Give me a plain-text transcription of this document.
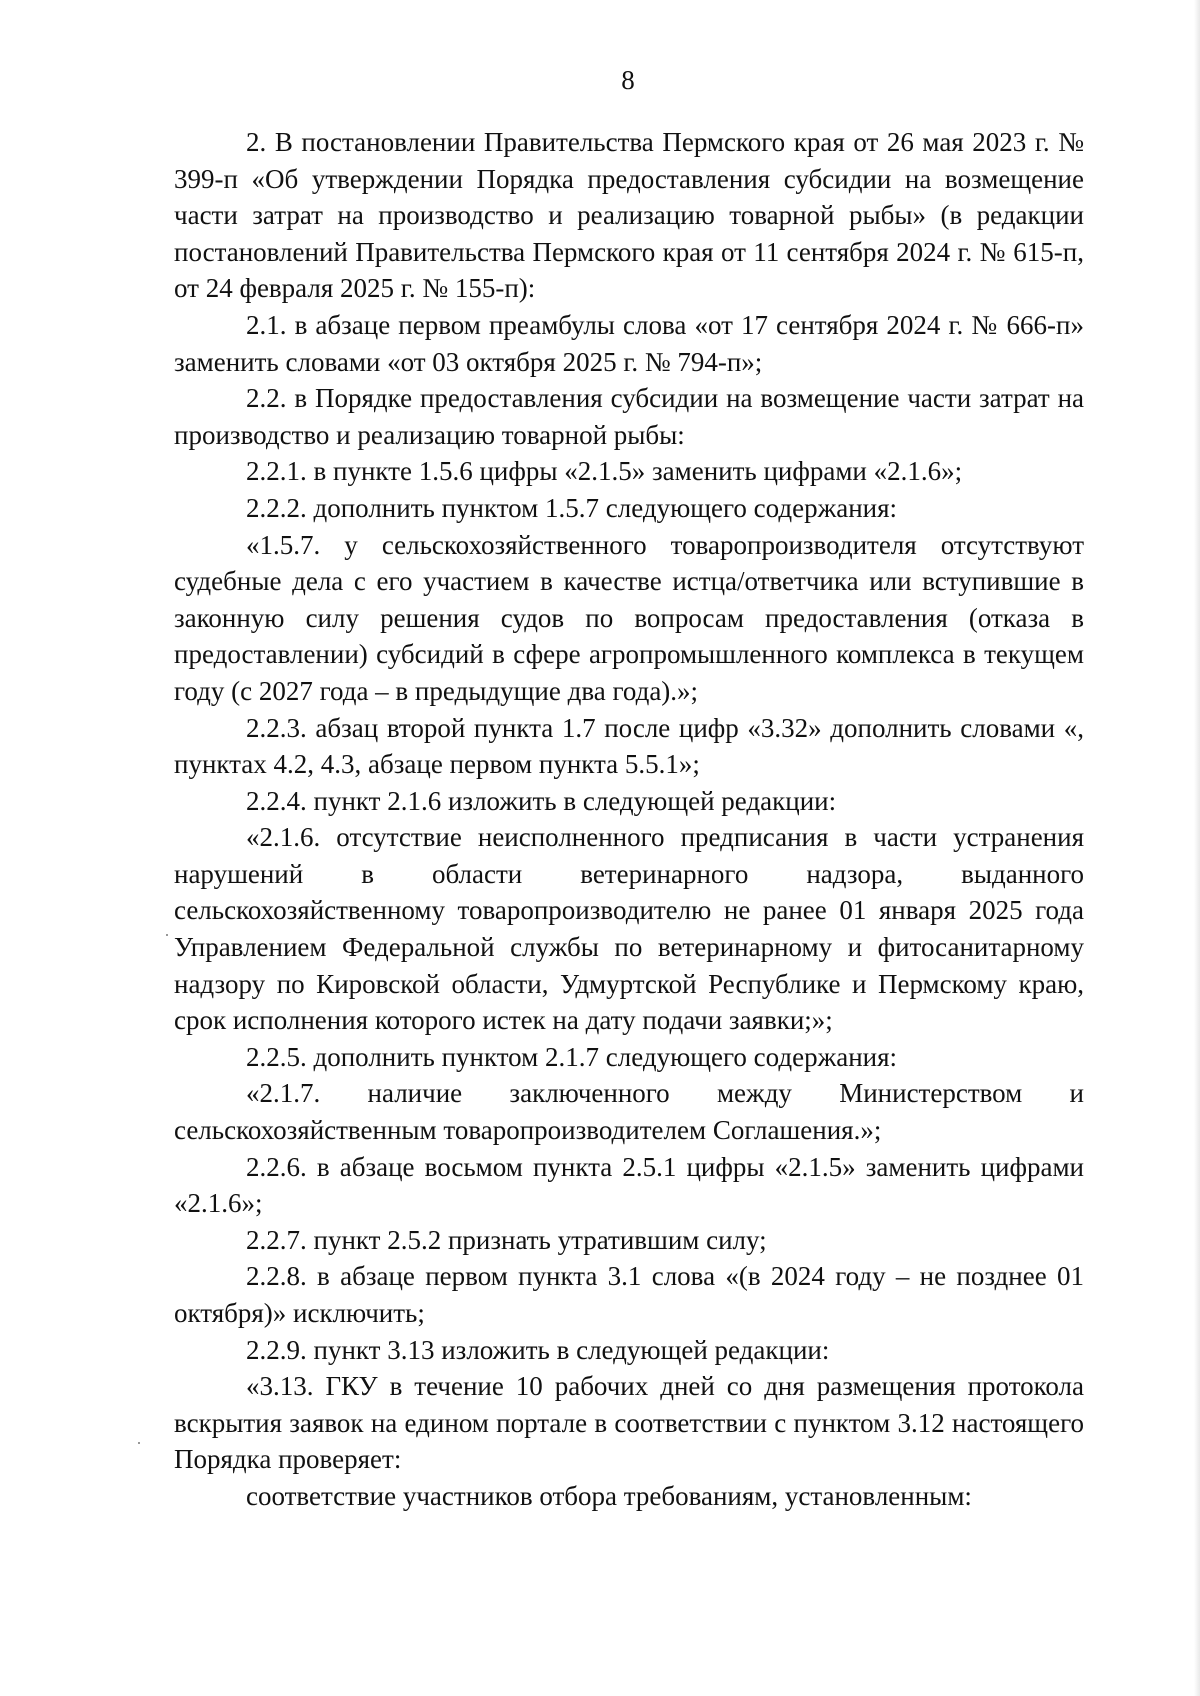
8

2. В постановлении Правительства Пермского края от 26 мая 2023 г. № 399-п «Об утверждении Порядка предоставления субсидии на возмещение части затрат на производство и реализацию товарной рыбы» (в редакции постановлений Правительства Пермского края от 11 сентября 2024 г. № 615-п, от 24 февраля 2025 г. № 155-п):

2.1. в абзаце первом преамбулы слова «от 17 сентября 2024 г. № 666-п» заменить словами «от 03 октября 2025 г. № 794-п»;

2.2. в Порядке предоставления субсидии на возмещение части затрат на производство и реализацию товарной рыбы:

2.2.1. в пункте 1.5.6 цифры «2.1.5» заменить цифрами «2.1.6»;

2.2.2. дополнить пунктом 1.5.7 следующего содержания:

«1.5.7. у сельскохозяйственного товаропроизводителя отсутствуют судебные дела с его участием в качестве истца/ответчика или вступившие в законную силу решения судов по вопросам предоставления (отказа в предоставлении) субсидий в сфере агропромышленного комплекса в текущем году (с 2027 года – в предыдущие два года).»;

2.2.3. абзац второй пункта 1.7 после цифр «3.32» дополнить словами «, пунктах 4.2, 4.3, абзаце первом пункта 5.5.1»;

2.2.4. пункт 2.1.6 изложить в следующей редакции:

«2.1.6. отсутствие неисполненного предписания в части устранения нарушений в области ветеринарного надзора, выданного сельскохозяйственному товаропроизводителю не ранее 01 января 2025 года Управлением Федеральной службы по ветеринарному и фитосанитарному надзору по Кировской области, Удмуртской Республике и Пермскому краю, срок исполнения которого истек на дату подачи заявки;»;

2.2.5. дополнить пунктом 2.1.7 следующего содержания:

«2.1.7. наличие заключенного между Министерством и сельскохозяйственным товаропроизводителем Соглашения.»;

2.2.6. в абзаце восьмом пункта 2.5.1 цифры «2.1.5» заменить цифрами «2.1.6»;

2.2.7. пункт 2.5.2 признать утратившим силу;

2.2.8. в абзаце первом пункта 3.1 слова «(в 2024 году – не позднее 01 октября)» исключить;

2.2.9. пункт 3.13 изложить в следующей редакции:

«3.13. ГКУ в течение 10 рабочих дней со дня размещения протокола вскрытия заявок на едином портале в соответствии с пунктом 3.12 настоящего Порядка проверяет:

соответствие участников отбора требованиям, установленным:
